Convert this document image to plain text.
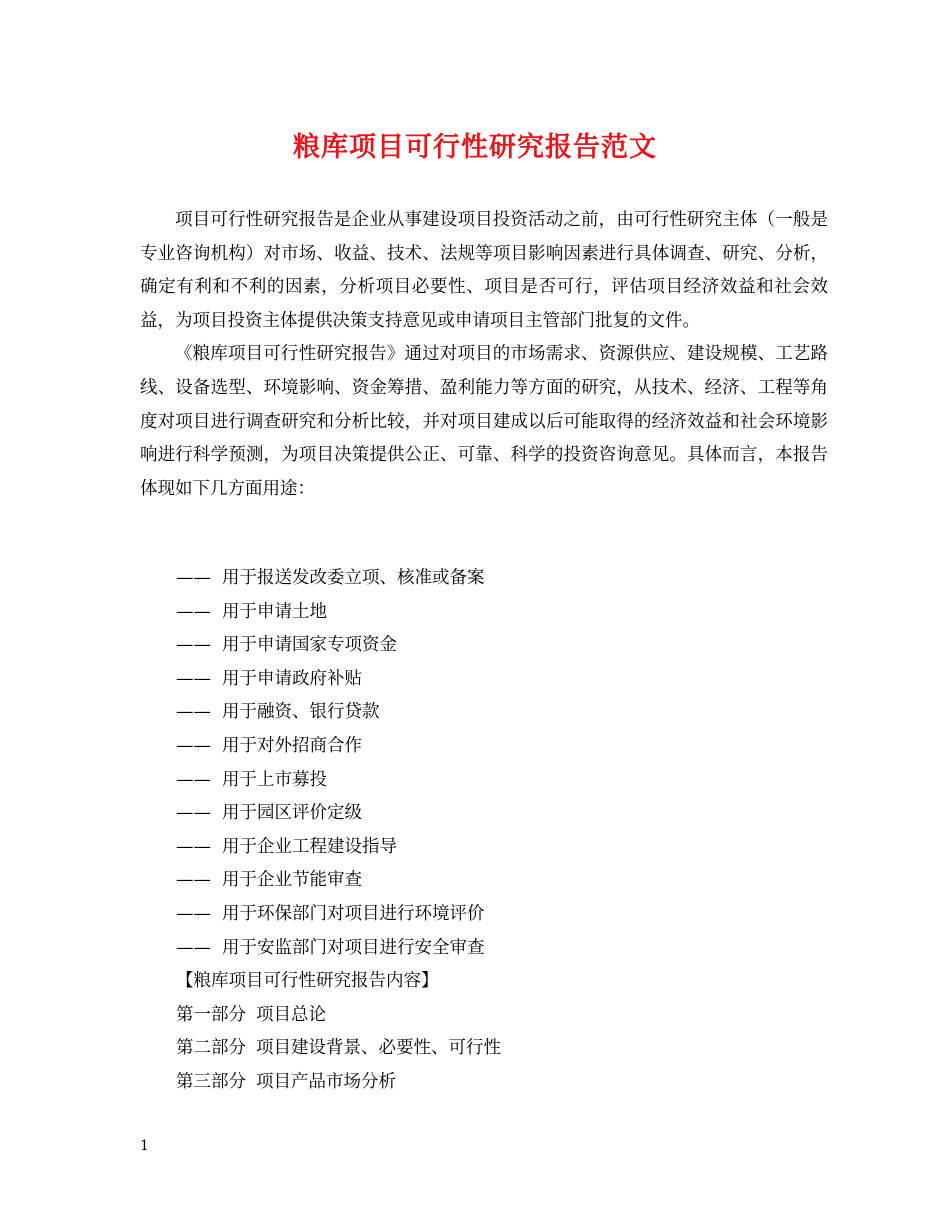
粮库项目可行性研究报告范文

项目可行性研究报告是企业从事建设项目投资活动之前，由可行性研究主体（一般是专业咨询机构）对市场、收益、技术、法规等项目影响因素进行具体调查、研究、分析，确定有利和不利的因素，分析项目必要性、项目是否可行，评估项目经济效益和社会效益，为项目投资主体提供决策支持意见或申请项目主管部门批复的文件。

《粮库项目可行性研究报告》通过对项目的市场需求、资源供应、建设规模、工艺路线、设备选型、环境影响、资金筹措、盈利能力等方面的研究，从技术、经济、工程等角度对项目进行调查研究和分析比较，并对项目建成以后可能取得的经济效益和社会环境影响进行科学预测，为项目决策提供公正、可靠、科学的投资咨询意见。具体而言，本报告体现如下几方面用途：

—— 用于报送发改委立项、核准或备案
—— 用于申请土地
—— 用于申请国家专项资金
—— 用于申请政府补贴
—— 用于融资、银行贷款
—— 用于对外招商合作
—— 用于上市募投
—— 用于园区评价定级
—— 用于企业工程建设指导
—— 用于企业节能审查
—— 用于环保部门对项目进行环境评价
—— 用于安监部门对项目进行安全审查

【粮库项目可行性研究报告内容】

第一部分 项目总论

第二部分 项目建设背景、必要性、可行性

第三部分 项目产品市场分析

1
